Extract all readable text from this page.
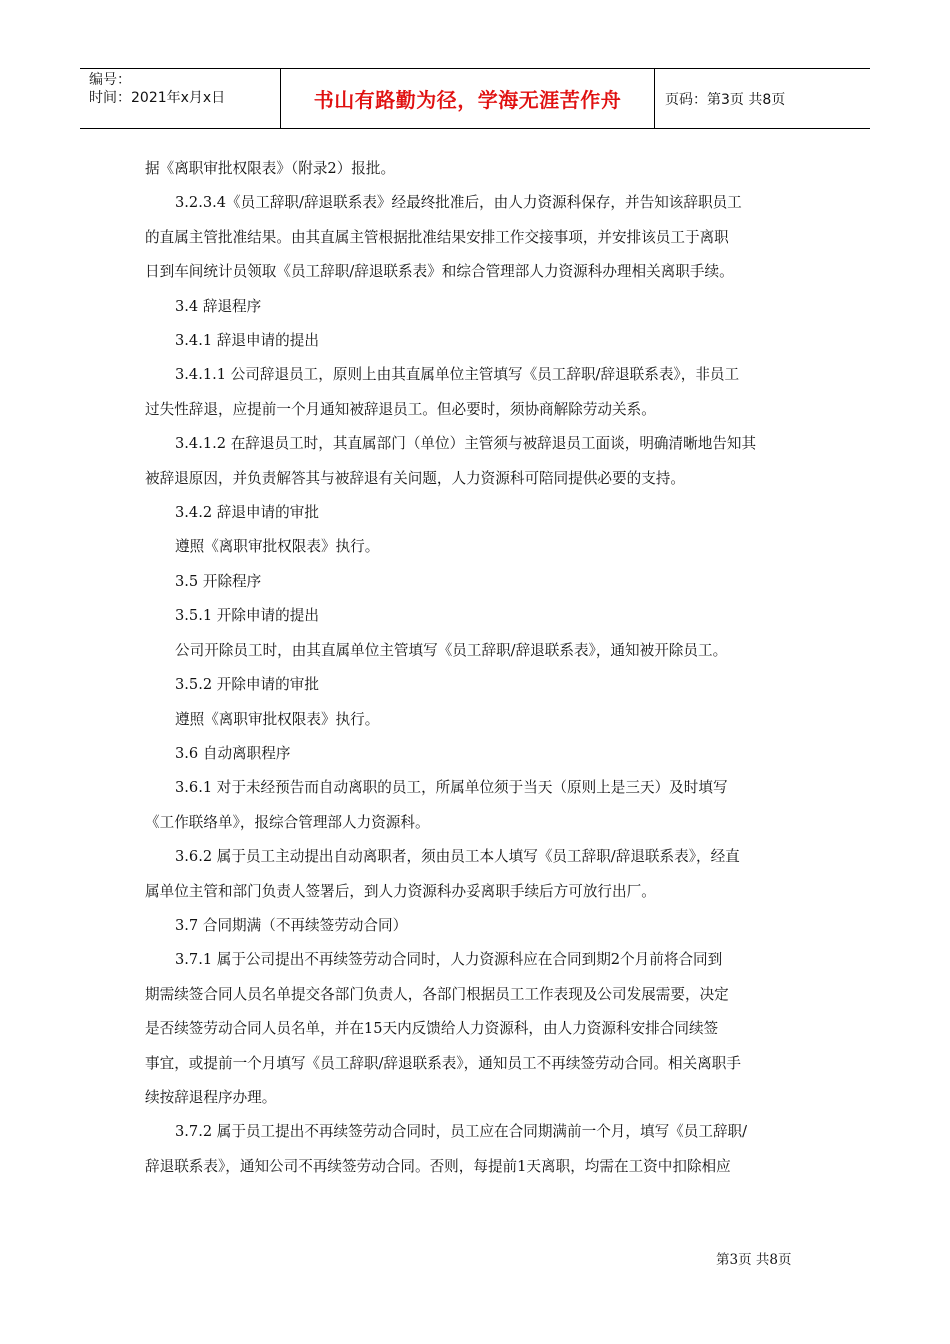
编号：
时间：2021年x月x日	书山有路勤为径，学海无涯苦作舟	页码：第3页 共8页

据《离职审批权限表》（附录2）报批。

3.2.3.4《员工辞职/辞退联系表》经最终批准后，由人力资源科保存，并告知该辞职员工

的直属主管批准结果。由其直属主管根据批准结果安排工作交接事项，并安排该员工于离职

日到车间统计员领取《员工辞职/辞退联系表》和综合管理部人力资源科办理相关离职手续。

3.4 辞退程序

3.4.1 辞退申请的提出

3.4.1.1 公司辞退员工，原则上由其直属单位主管填写《员工辞职/辞退联系表》，非员工

过失性辞退，应提前一个月通知被辞退员工。但必要时，须协商解除劳动关系。

3.4.1.2 在辞退员工时，其直属部门（单位）主管须与被辞退员工面谈，明确清晰地告知其

被辞退原因，并负责解答其与被辞退有关问题，人力资源科可陪同提供必要的支持。

3.4.2 辞退申请的审批

遵照《离职审批权限表》执行。

3.5 开除程序

3.5.1 开除申请的提出

公司开除员工时，由其直属单位主管填写《员工辞职/辞退联系表》，通知被开除员工。

3.5.2 开除申请的审批

遵照《离职审批权限表》执行。

3.6 自动离职程序

3.6.1 对于未经预告而自动离职的员工，所属单位须于当天（原则上是三天）及时填写

《工作联络单》，报综合管理部人力资源科。

3.6.2 属于员工主动提出自动离职者，须由员工本人填写《员工辞职/辞退联系表》，经直

属单位主管和部门负责人签署后，到人力资源科办妥离职手续后方可放行出厂。

3.7 合同期满（不再续签劳动合同）

3.7.1 属于公司提出不再续签劳动合同时，人力资源科应在合同到期2个月前将合同到

期需续签合同人员名单提交各部门负责人，各部门根据员工工作表现及公司发展需要，决定

是否续签劳动合同人员名单，并在15天内反馈给人力资源科，由人力资源科安排合同续签

事宜，或提前一个月填写《员工辞职/辞退联系表》，通知员工不再续签劳动合同。相关离职手

续按辞退程序办理。

3.7.2 属于员工提出不再续签劳动合同时，员工应在合同期满前一个月，填写《员工辞职/

辞退联系表》，通知公司不再续签劳动合同。否则，每提前1天离职，均需在工资中扣除相应

第3页 共8页
